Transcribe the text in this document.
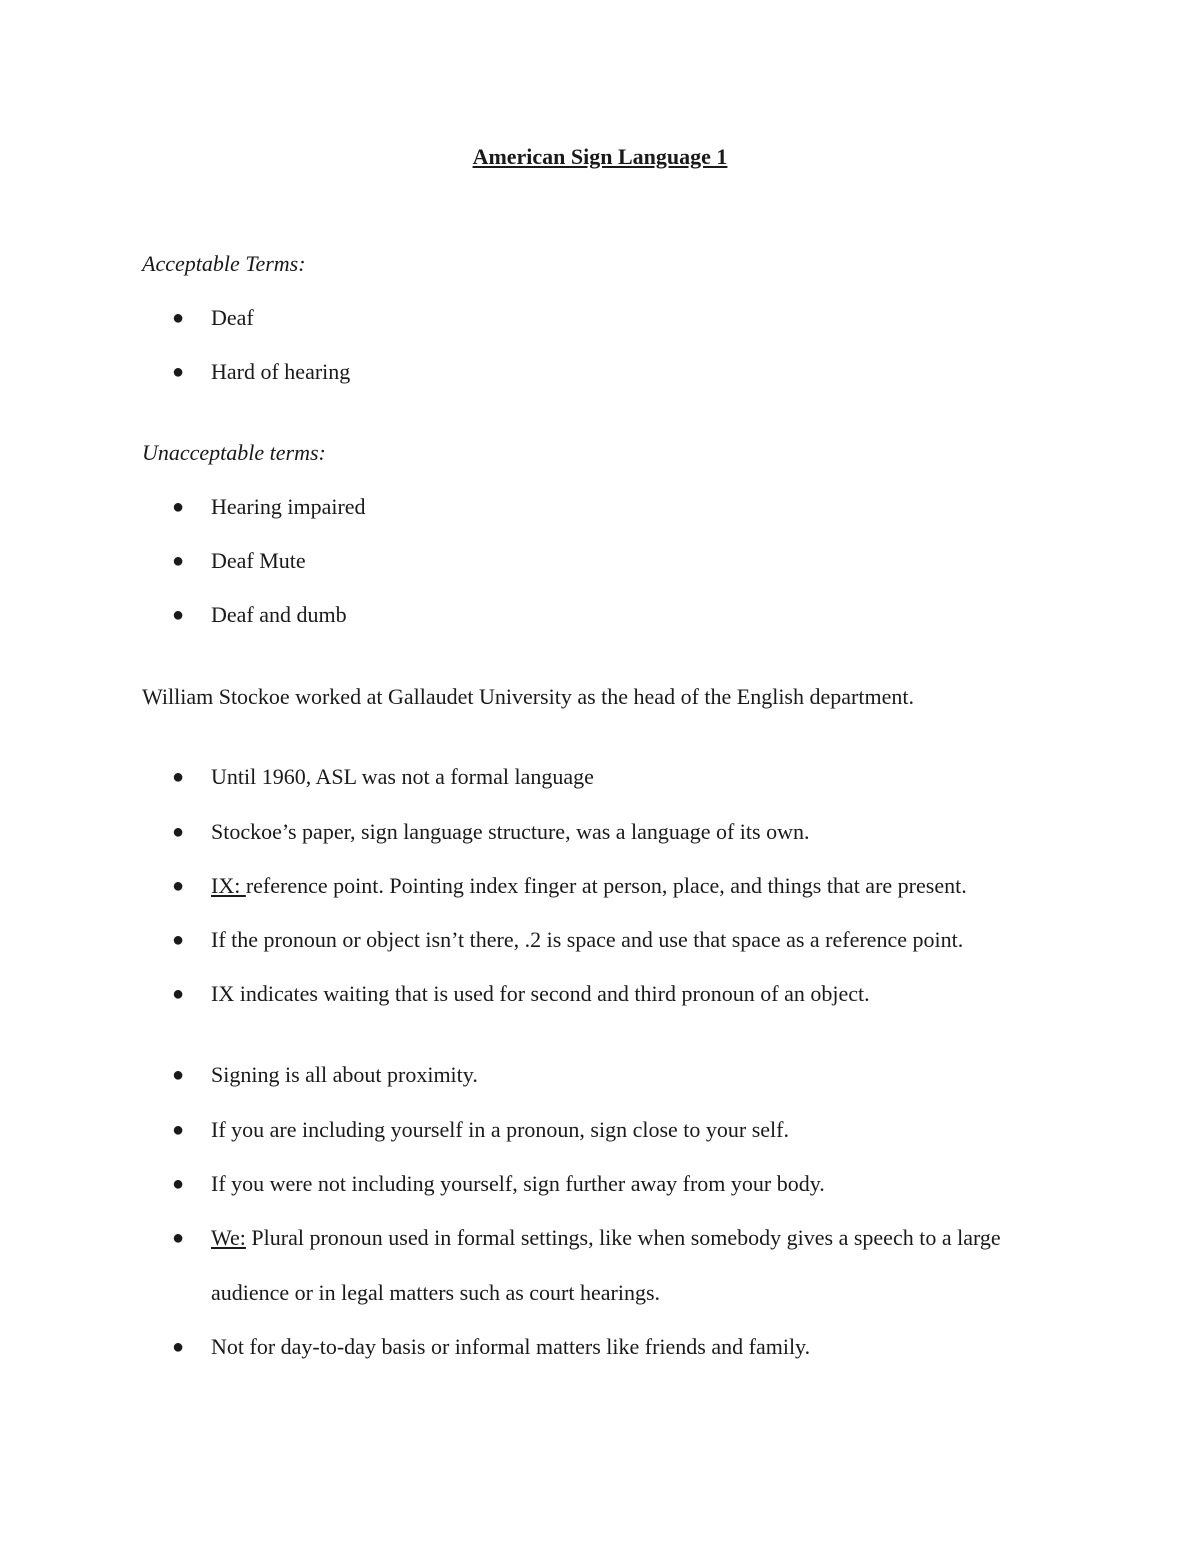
American Sign Language 1
Acceptable Terms:
● Deaf
● Hard of hearing
Unacceptable terms:
● Hearing impaired
● Deaf Mute
● Deaf and dumb
William Stockoe worked at Gallaudet University as the head of the English department.
● Until 1960, ASL was not a formal language
● Stockoe’s paper, sign language structure, was a language of its own.
● IX: reference point. Pointing index finger at person, place, and things that are present.
● If the pronoun or object isn’t there, .2 is space and use that space as a reference point.
● IX indicates waiting that is used for second and third pronoun of an object.
● Signing is all about proximity.
● If you are including yourself in a pronoun, sign close to your self.
● If you were not including yourself, sign further away from your body.
● We: Plural pronoun used in formal settings, like when somebody gives a speech to a large
audience or in legal matters such as court hearings.
● Not for day-to-day basis or informal matters like friends and family.
